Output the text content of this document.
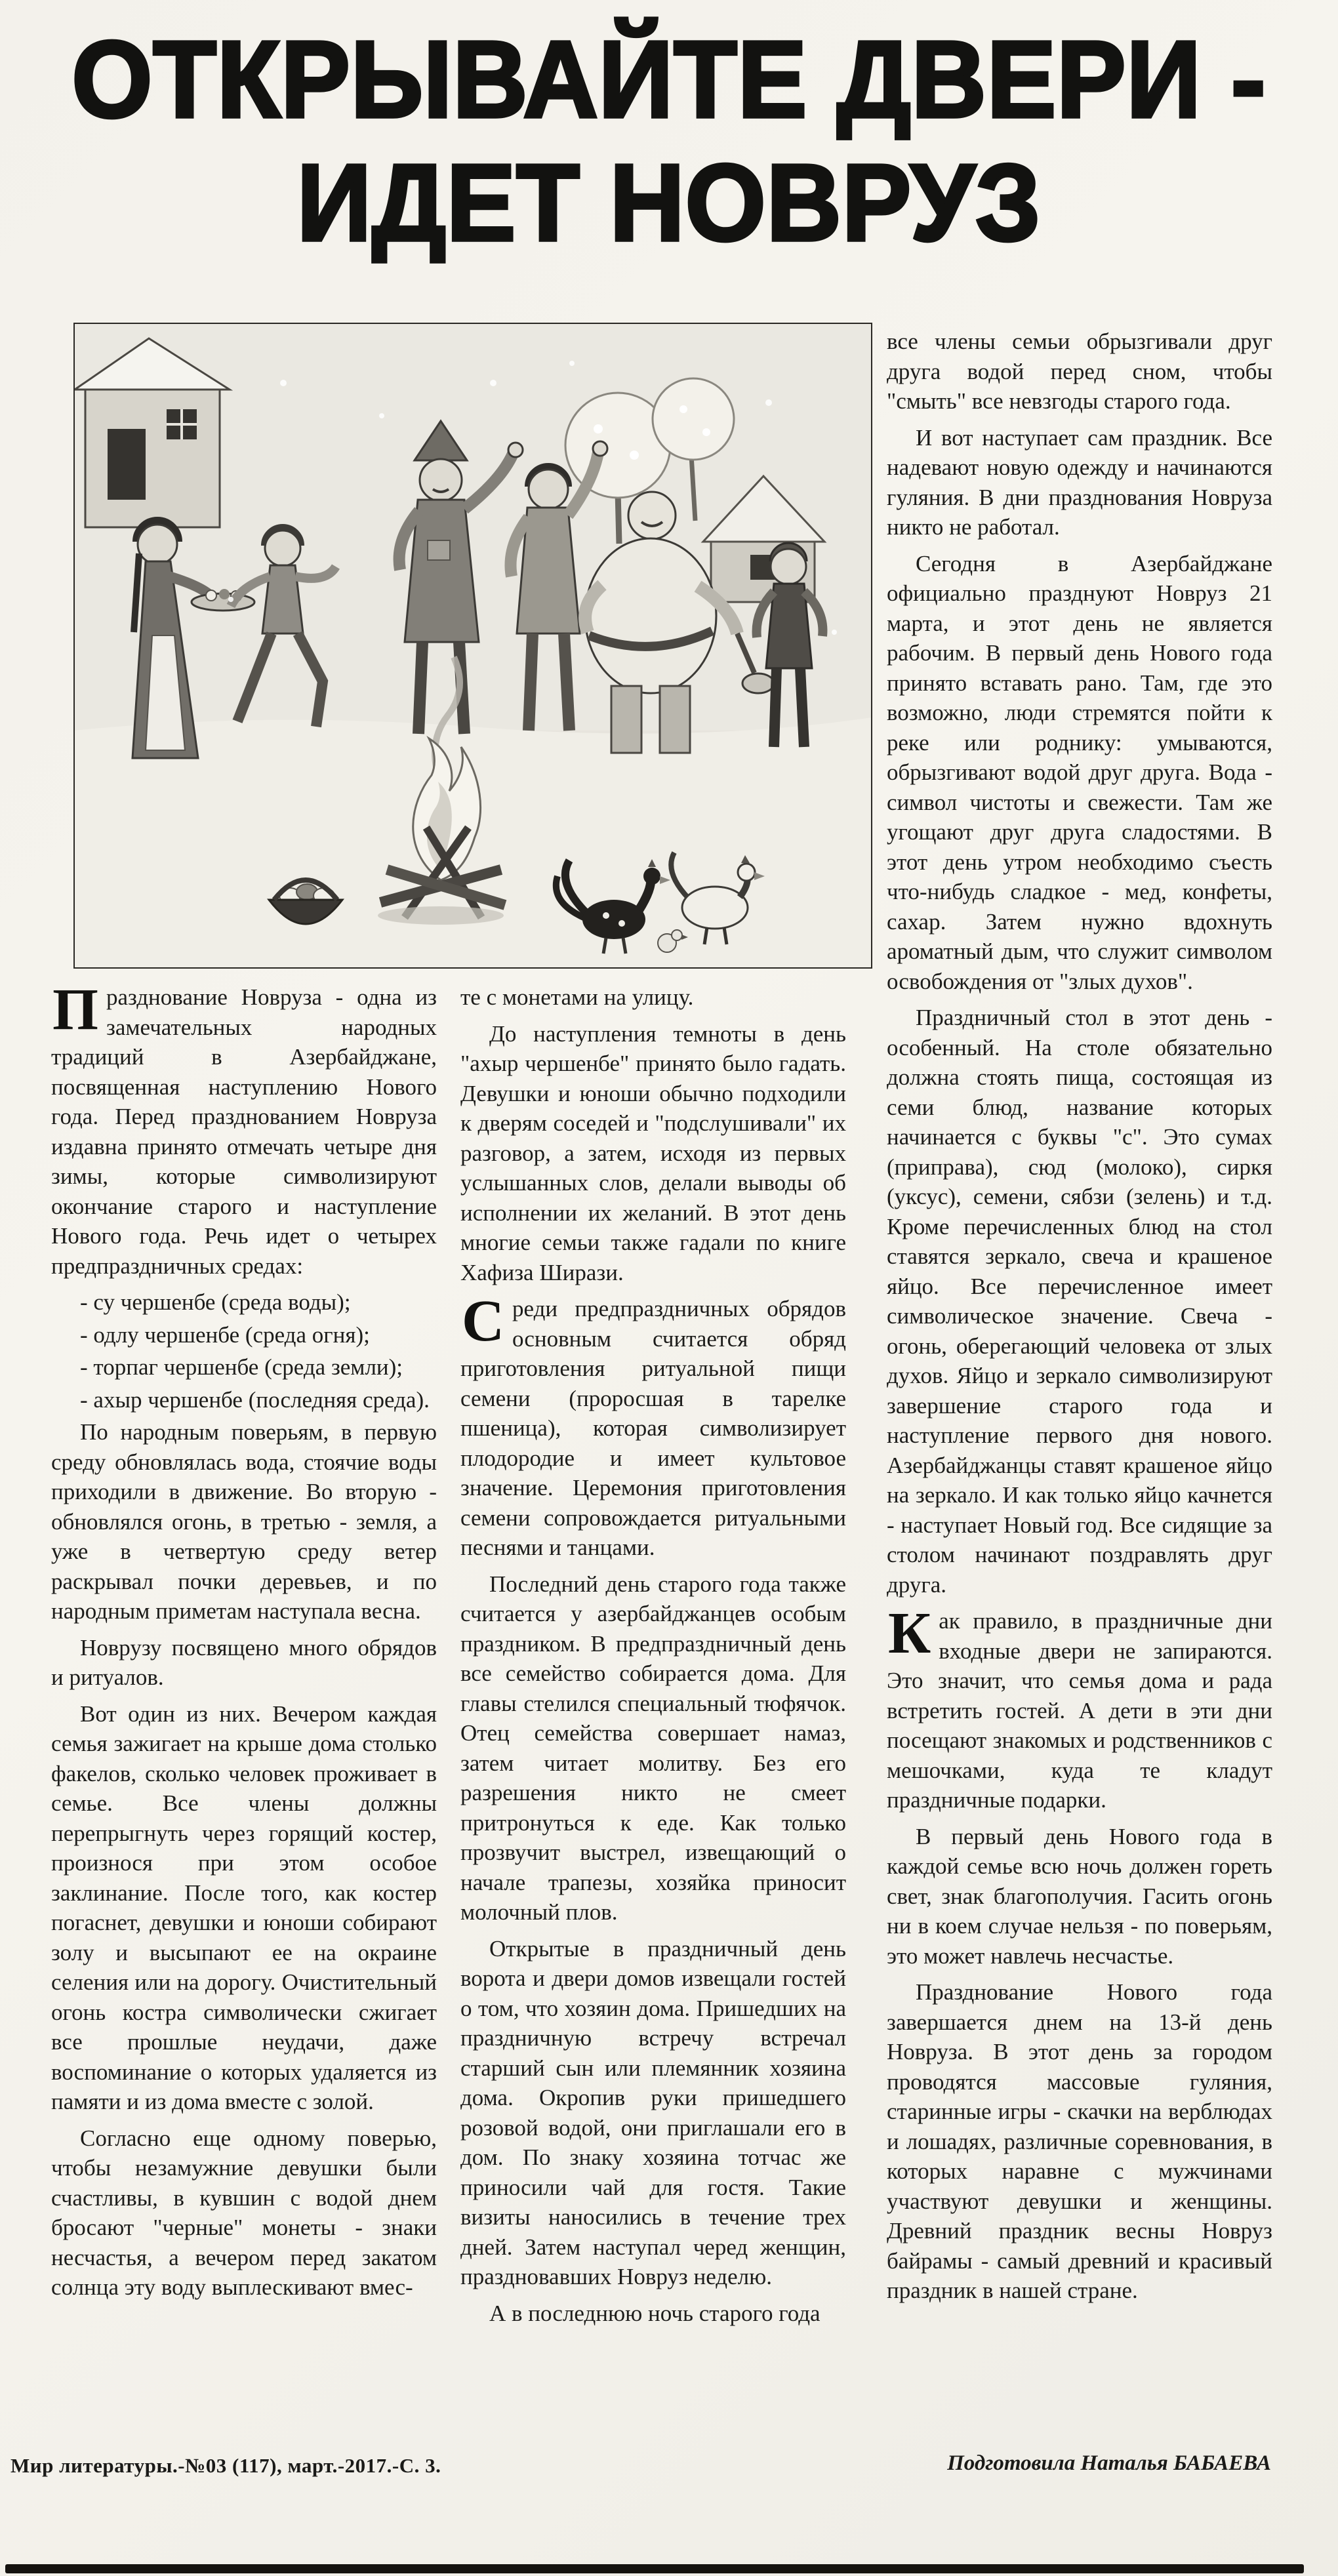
ОТКРЫВАЙТЕ ДВЕРИ -
ИДЕТ НОВРУЗ

все члены семьи обрызгивали друг друга водой перед сном, чтобы "смыть" все невзгоды старого года.

И вот наступает сам праздник. Все надевают новую одежду и начинаются гуляния. В дни празднования Новруза никто не работал.

Сегодня в Азербайджане официально празднуют Новруз 21 марта, и этот день не является рабочим. В первый день Нового года принято вставать рано. Там, где это возможно, люди стремятся пойти к реке или роднику: умываются, обрызгивают водой друг друга. Вода - символ чистоты и свежести. Там же угощают друг друга сладостями. В этот день утром необходимо съесть что-нибудь сладкое - мед, конфеты, сахар. Затем нужно вдохнуть ароматный дым, что служит символом освобождения от "злых духов".

Праздничный стол в этот день - особенный. На столе обязательно должна стоять пища, состоящая из семи блюд, название которых начинается с буквы "с". Это сумах (приправа), сюд (молоко), сиркя (уксус), семени, сябзи (зелень) и т.д. Кроме перечисленных блюд на стол ставятся зеркало, свеча и крашеное яйцо. Все перечисленное имеет символическое значение. Свеча - огонь, оберегающий человека от злых духов. Яйцо и зеркало символизируют завершение старого года и наступление первого дня нового. Азербайджанцы ставят крашеное яйцо на зеркало. И как только яйцо качнется - наступает Новый год. Все сидящие за столом начинают поздравлять друг друга.

Как правило, в праздничные дни входные двери не запираются. Это значит, что семья дома и рада встретить гостей. А дети в эти дни посещают знакомых и родственников с мешочками, куда те кладут праздничные подарки.

В первый день Нового года в каждой семье всю ночь должен гореть свет, знак благополучия. Гасить огонь ни в коем случае нельзя - по поверьям, это может навлечь несчастье.

Празднование Нового года завершается днем на 13-й день Новруза. В этот день за городом проводятся массовые гуляния, старинные игры - скачки на верблюдах и лошадях, различные соревнования, в которых наравне с мужчинами участвуют девушки и женщины. Древний праздник весны Новруз байрамы - самый древний и красивый праздник в нашей стране.

Празднование Новруза - одна из замечательных народных традиций в Азербайджане, посвященная наступлению Нового года. Перед празднованием Новруза издавна принято отмечать четыре дня зимы, которые символизируют окончание старого и наступление Нового года. Речь идет о четырех предпраздничных средах:

- су чершенбе (среда воды);

- одлу чершенбе (среда огня);

- торпаг чершенбе (среда земли);

- ахыр чершенбе (последняя среда).

По народным поверьям, в первую среду обновлялась вода, стоячие воды приходили в движение. Во вторую - обновлялся огонь, в третью - земля, а уже в четвертую среду ветер раскрывал почки деревьев, и по народным приметам наступала весна.

Новрузу посвящено много обрядов и ритуалов.

Вот один из них. Вечером каждая семья зажигает на крыше дома столько факелов, сколько человек проживает в семье. Все члены должны перепрыгнуть через горящий костер, произнося при этом особое заклинание. После того, как костер погаснет, девушки и юноши собирают золу и высыпают ее на окраине селения или на дорогу. Очистительный огонь костра символически сжигает все прошлые неудачи, даже воспоминание о которых удаляется из памяти и из дома вместе с золой.

Согласно еще одному поверью, чтобы незамужние девушки были счастливы, в кувшин с водой днем бросают "черные" монеты - знаки несчастья, а вечером перед закатом солнца эту воду выплескивают вмес-

те с монетами на улицу.

До наступления темноты в день "ахыр чершенбе" принято было гадать. Девушки и юноши обычно подходили к дверям соседей и "подслушивали" их разговор, а затем, исходя из первых услышанных слов, делали выводы об исполнении их желаний. В этот день многие семьи также гадали по книге Хафиза Ширази.

Среди предпраздничных обрядов основным считается обряд приготовления ритуальной пищи семени (проросшая в тарелке пшеница), которая символизирует плодородие и имеет культовое значение. Церемония приготовления семени сопровождается ритуальными песнями и танцами.

Последний день старого года также считается у азербайджанцев особым праздником. В предпраздничный день все семейство собирается дома. Для главы стелился специальный тюфячок. Отец семейства совершает намаз, затем читает молитву. Без его разрешения никто не смеет притронуться к еде. Как только прозвучит выстрел, извещающий о начале трапезы, хозяйка приносит молочный плов.

Открытые в праздничный день ворота и двери домов извещали гостей о том, что хозяин дома. Пришедших на праздничную встречу встречал старший сын или племянник хозяина дома. Окропив руки пришедшего розовой водой, они приглашали его в дом. По знаку хозяина тотчас же приносили чай для гостя. Такие визиты наносились в течение трех дней. Затем наступал черед женщин, праздновавших Новруз неделю.

А в последнюю ночь старого года

Мир литературы.-№03 (117), март.-2017.-С. 3.	Подготовила Наталья БАБАЕВА
